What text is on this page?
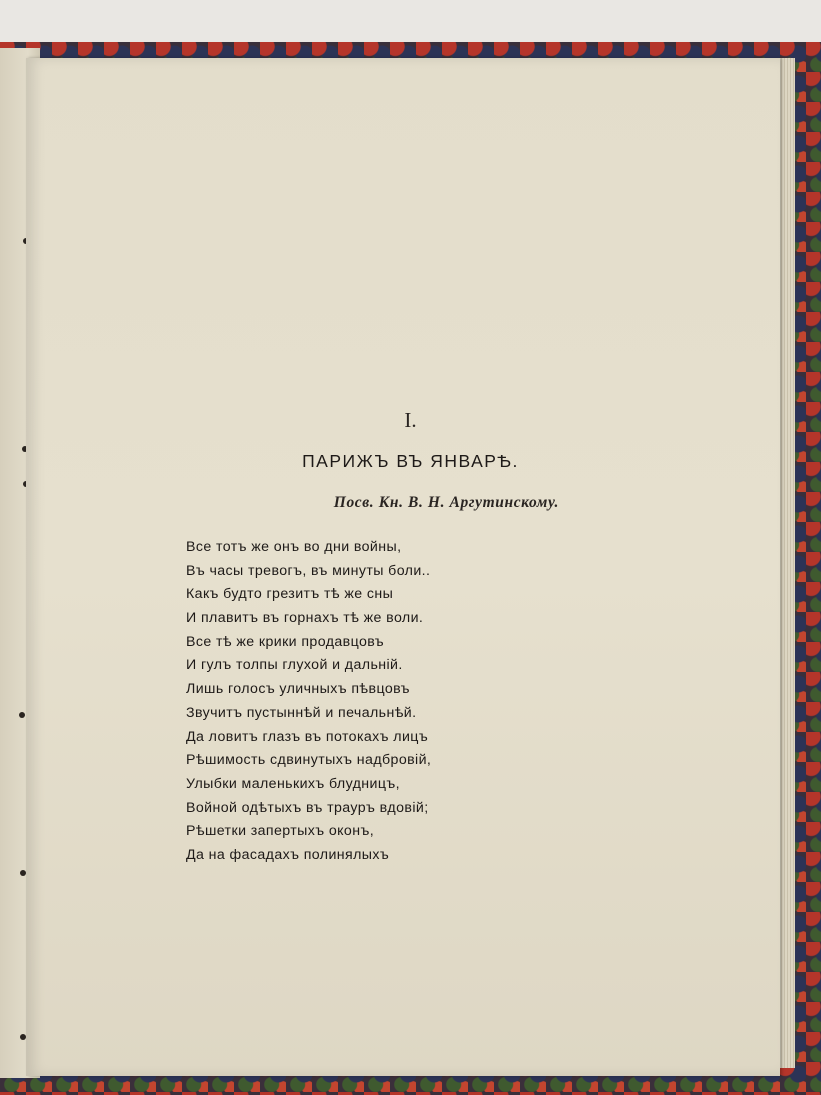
I.
ПАРИЖЪ ВЪ ЯНВАРѢ.
Посв. Кн. В. Н. Аргутинскому.
Все тотъ же онъ во дни войны,
Въ часы тревогъ, въ минуты боли..
Какъ будто грезитъ тѣ же сны
И плавитъ въ горнахъ тѣ же воли.
Все тѣ же крики продавцовъ
И гулъ толпы глухой и дальній.
Лишь голосъ уличныхъ пѣвцовъ
Звучитъ пустыннѣй и печальнѣй.
Да ловитъ глазъ въ потокахъ лицъ
Рѣшимость сдвинутыхъ надбровій,
Улыбки маленькихъ блудницъ,
Войной одѣтыхъ въ трауръ вдовій;
Рѣшетки запертыхъ оконъ,
Да на фасадахъ полинялыхъ
